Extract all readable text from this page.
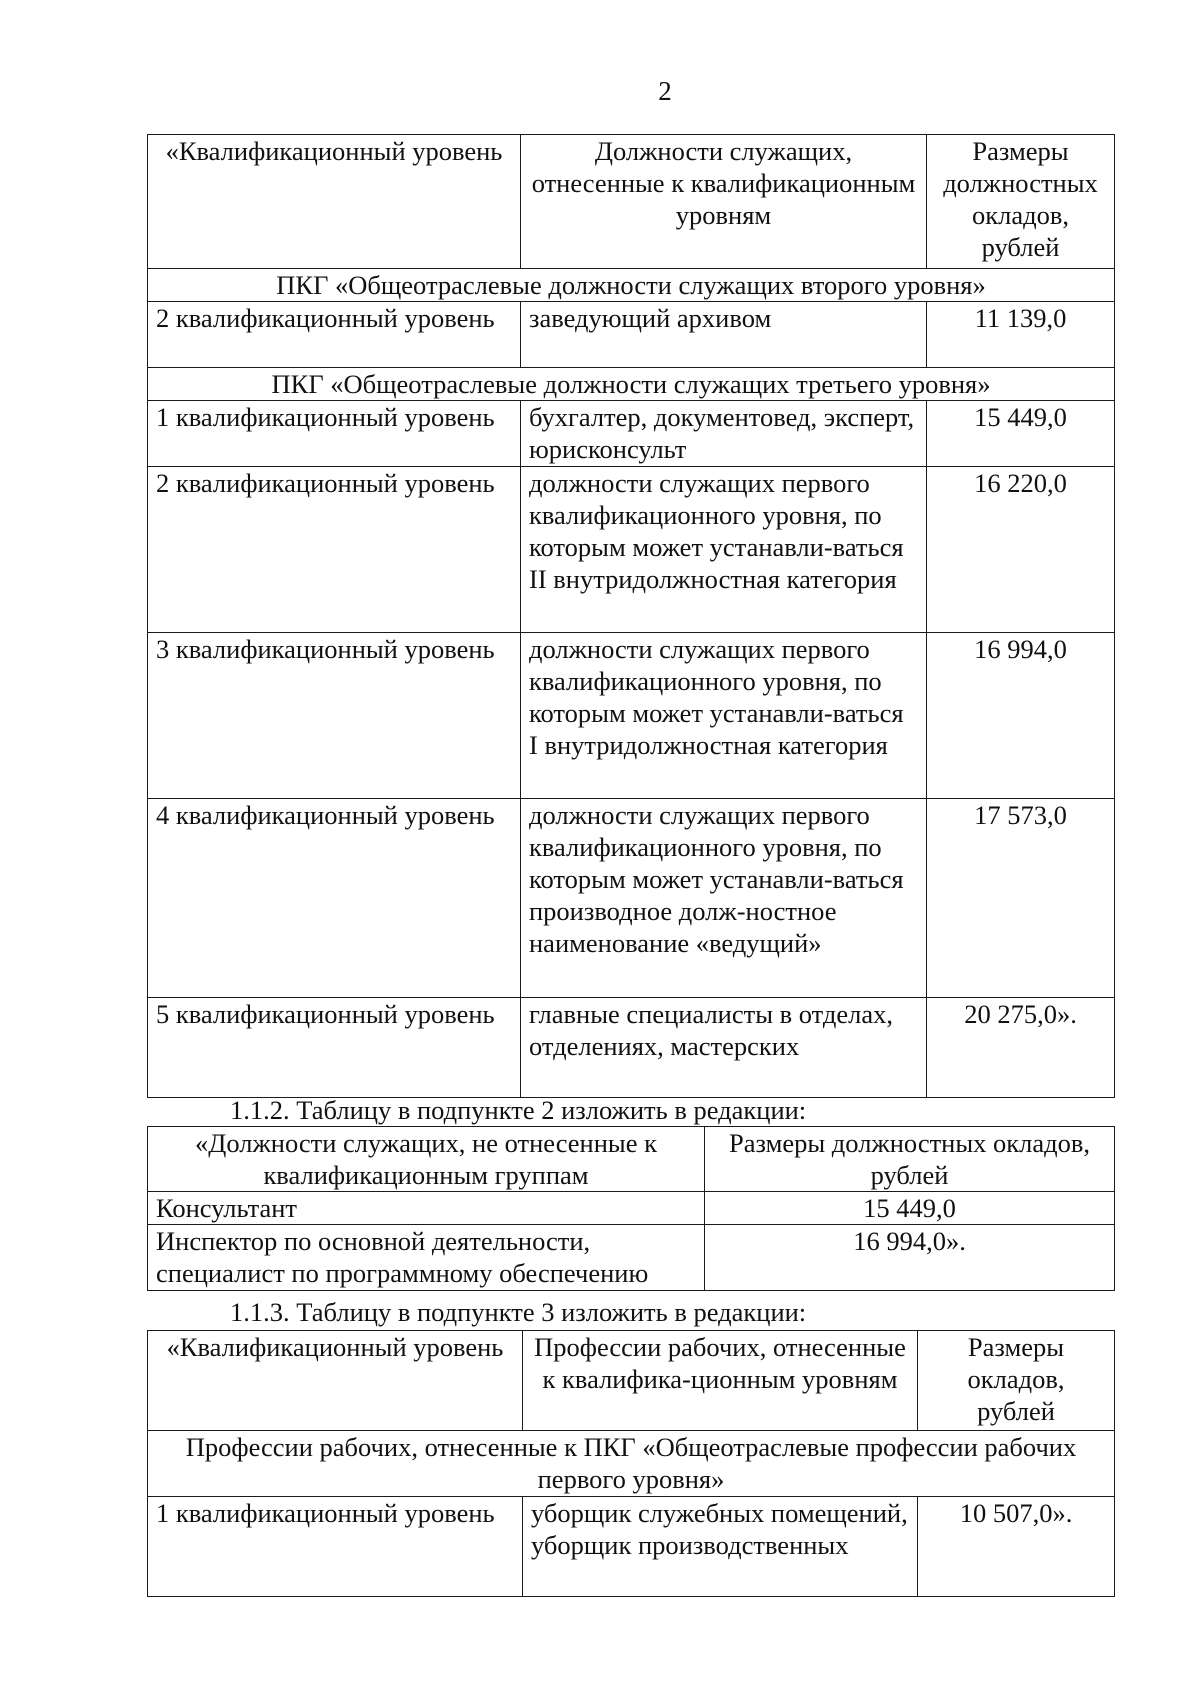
2
«Квалификационный уровень	Должности служащих, отнесенные к квалификационным уровням	Размеры должностных окладов, рублей
ПКГ «Общеотраслевые должности служащих второго уровня»		
2 квалификационный уровень	заведующий архивом	11 139,0
ПКГ «Общеотраслевые должности служащих третьего уровня»		
1 квалификационный уровень	бухгалтер, документовед, эксперт, юрисконсульт	15 449,0
2 квалификационный уровень	должности служащих первого квалификационного уровня, по которым может устанавли-ваться II внутридолжностная категория	16 220,0
3 квалификационный уровень	должности служащих первого квалификационного уровня, по которым может устанавли-ваться I внутридолжностная категория	16 994,0
4 квалификационный уровень	должности служащих первого квалификационного уровня, по которым может устанавли-ваться производное долж-ностное наименование «ведущий»	17 573,0
5 квалификационный уровень	главные специалисты в отделах, отделениях, мастерских	20 275,0».
1.1.2. Таблицу в подпункте 2 изложить в редакции:
«Должности служащих, не отнесенные к квалификационным группам	Размеры должностных окладов, рублей
Консультант	15 449,0
Инспектор по основной деятельности, специалист по программному обеспечению	16 994,0».
1.1.3. Таблицу в подпункте 3 изложить в редакции:
«Квалификационный уровень	Профессии рабочих, отнесенные к квалифика-ционным уровням	Размеры окладов, рублей
Профессии рабочих, отнесенные к ПКГ «Общеотраслевые профессии рабочих первого уровня»		
1 квалификационный уровень	уборщик служебных помещений, уборщик производственных	10 507,0».
